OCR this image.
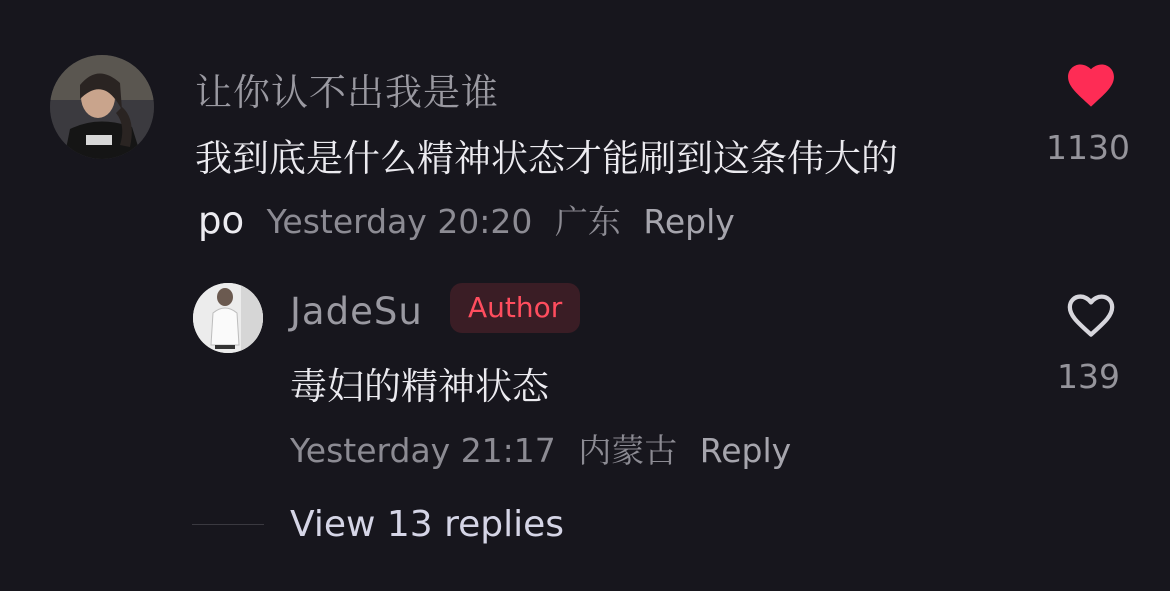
让你认不出我是谁
我到底是什么精神状态才能刷到这条伟大的
po Yesterday 20:20 广东 Reply
1130
JadeSu	Author
毒妇的精神状态
Yesterday 21:17 内蒙古 Reply
139
View 13 replies
